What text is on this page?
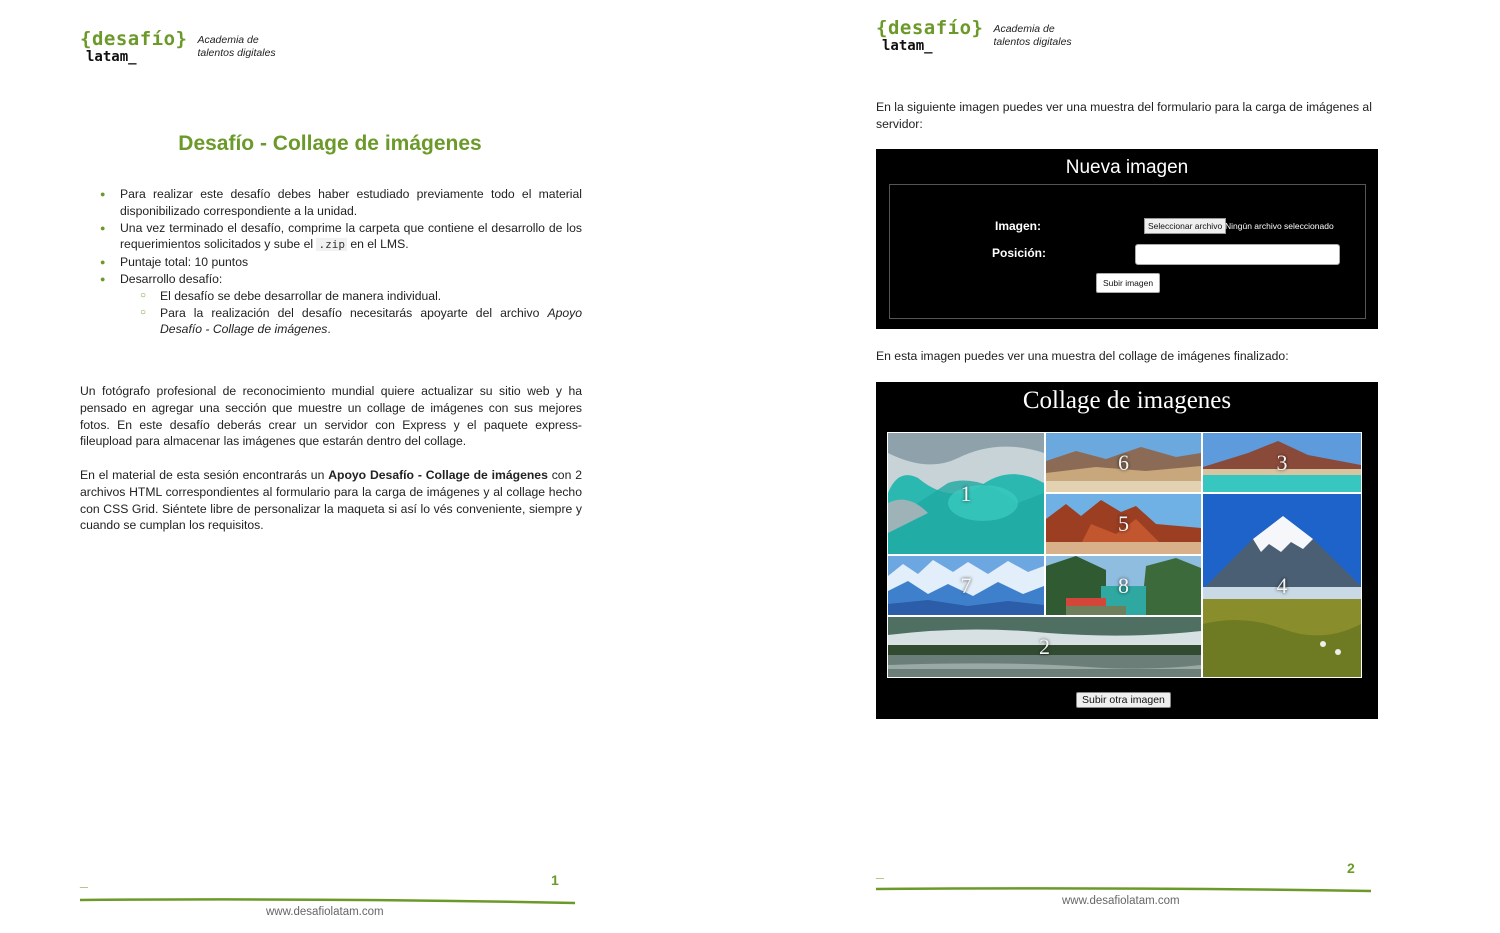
{desafío}
latam_
Academia de
talentos digitales
Desafío - Collage de imágenes
● Para realizar este desafío debes haber estudiado previamente todo el material disponibilizado correspondiente a la unidad.
● Una vez terminado el desafío, comprime la carpeta que contiene el desarrollo de los requerimientos solicitados y sube el .zip en el LMS.
● Puntaje total: 10 puntos
● Desarrollo desafío:
○ El desafío se debe desarrollar de manera individual.
○ Para la realización del desafío necesitarás apoyarte del archivo Apoyo Desafío - Collage de imágenes.

Un fotógrafo profesional de reconocimiento mundial quiere actualizar su sitio web y ha pensado en agregar una sección que muestre un collage de imágenes con sus mejores fotos. En este desafío deberás crear un servidor con Express y el paquete express-fileupload para almacenar las imágenes que estarán dentro del collage.

En el material de esta sesión encontrarás un Apoyo Desafío - Collage de imágenes con 2 archivos HTML correspondientes al formulario para la carga de imágenes y al collage hecho con CSS Grid. Siéntete libre de personalizar la maqueta si así lo vés conveniente, siempre y cuando se cumplan los requisitos.

_	1
www.desafiolatam.com
{desafío}
latam_
Academia de
talentos digitales

En la siguiente imagen puedes ver una muestra del formulario para la carga de imágenes al servidor:

Nueva imagen
Imagen:	Seleccionar archivo Ningún archivo seleccionado
Posición:
Subir imagen

En esta imagen puedes ver una muestra del collage de imágenes finalizado:

Collage de imagenes
1
6	3
5
4
7	8
2
Subir otra imagen
_	2
www.desafiolatam.com
